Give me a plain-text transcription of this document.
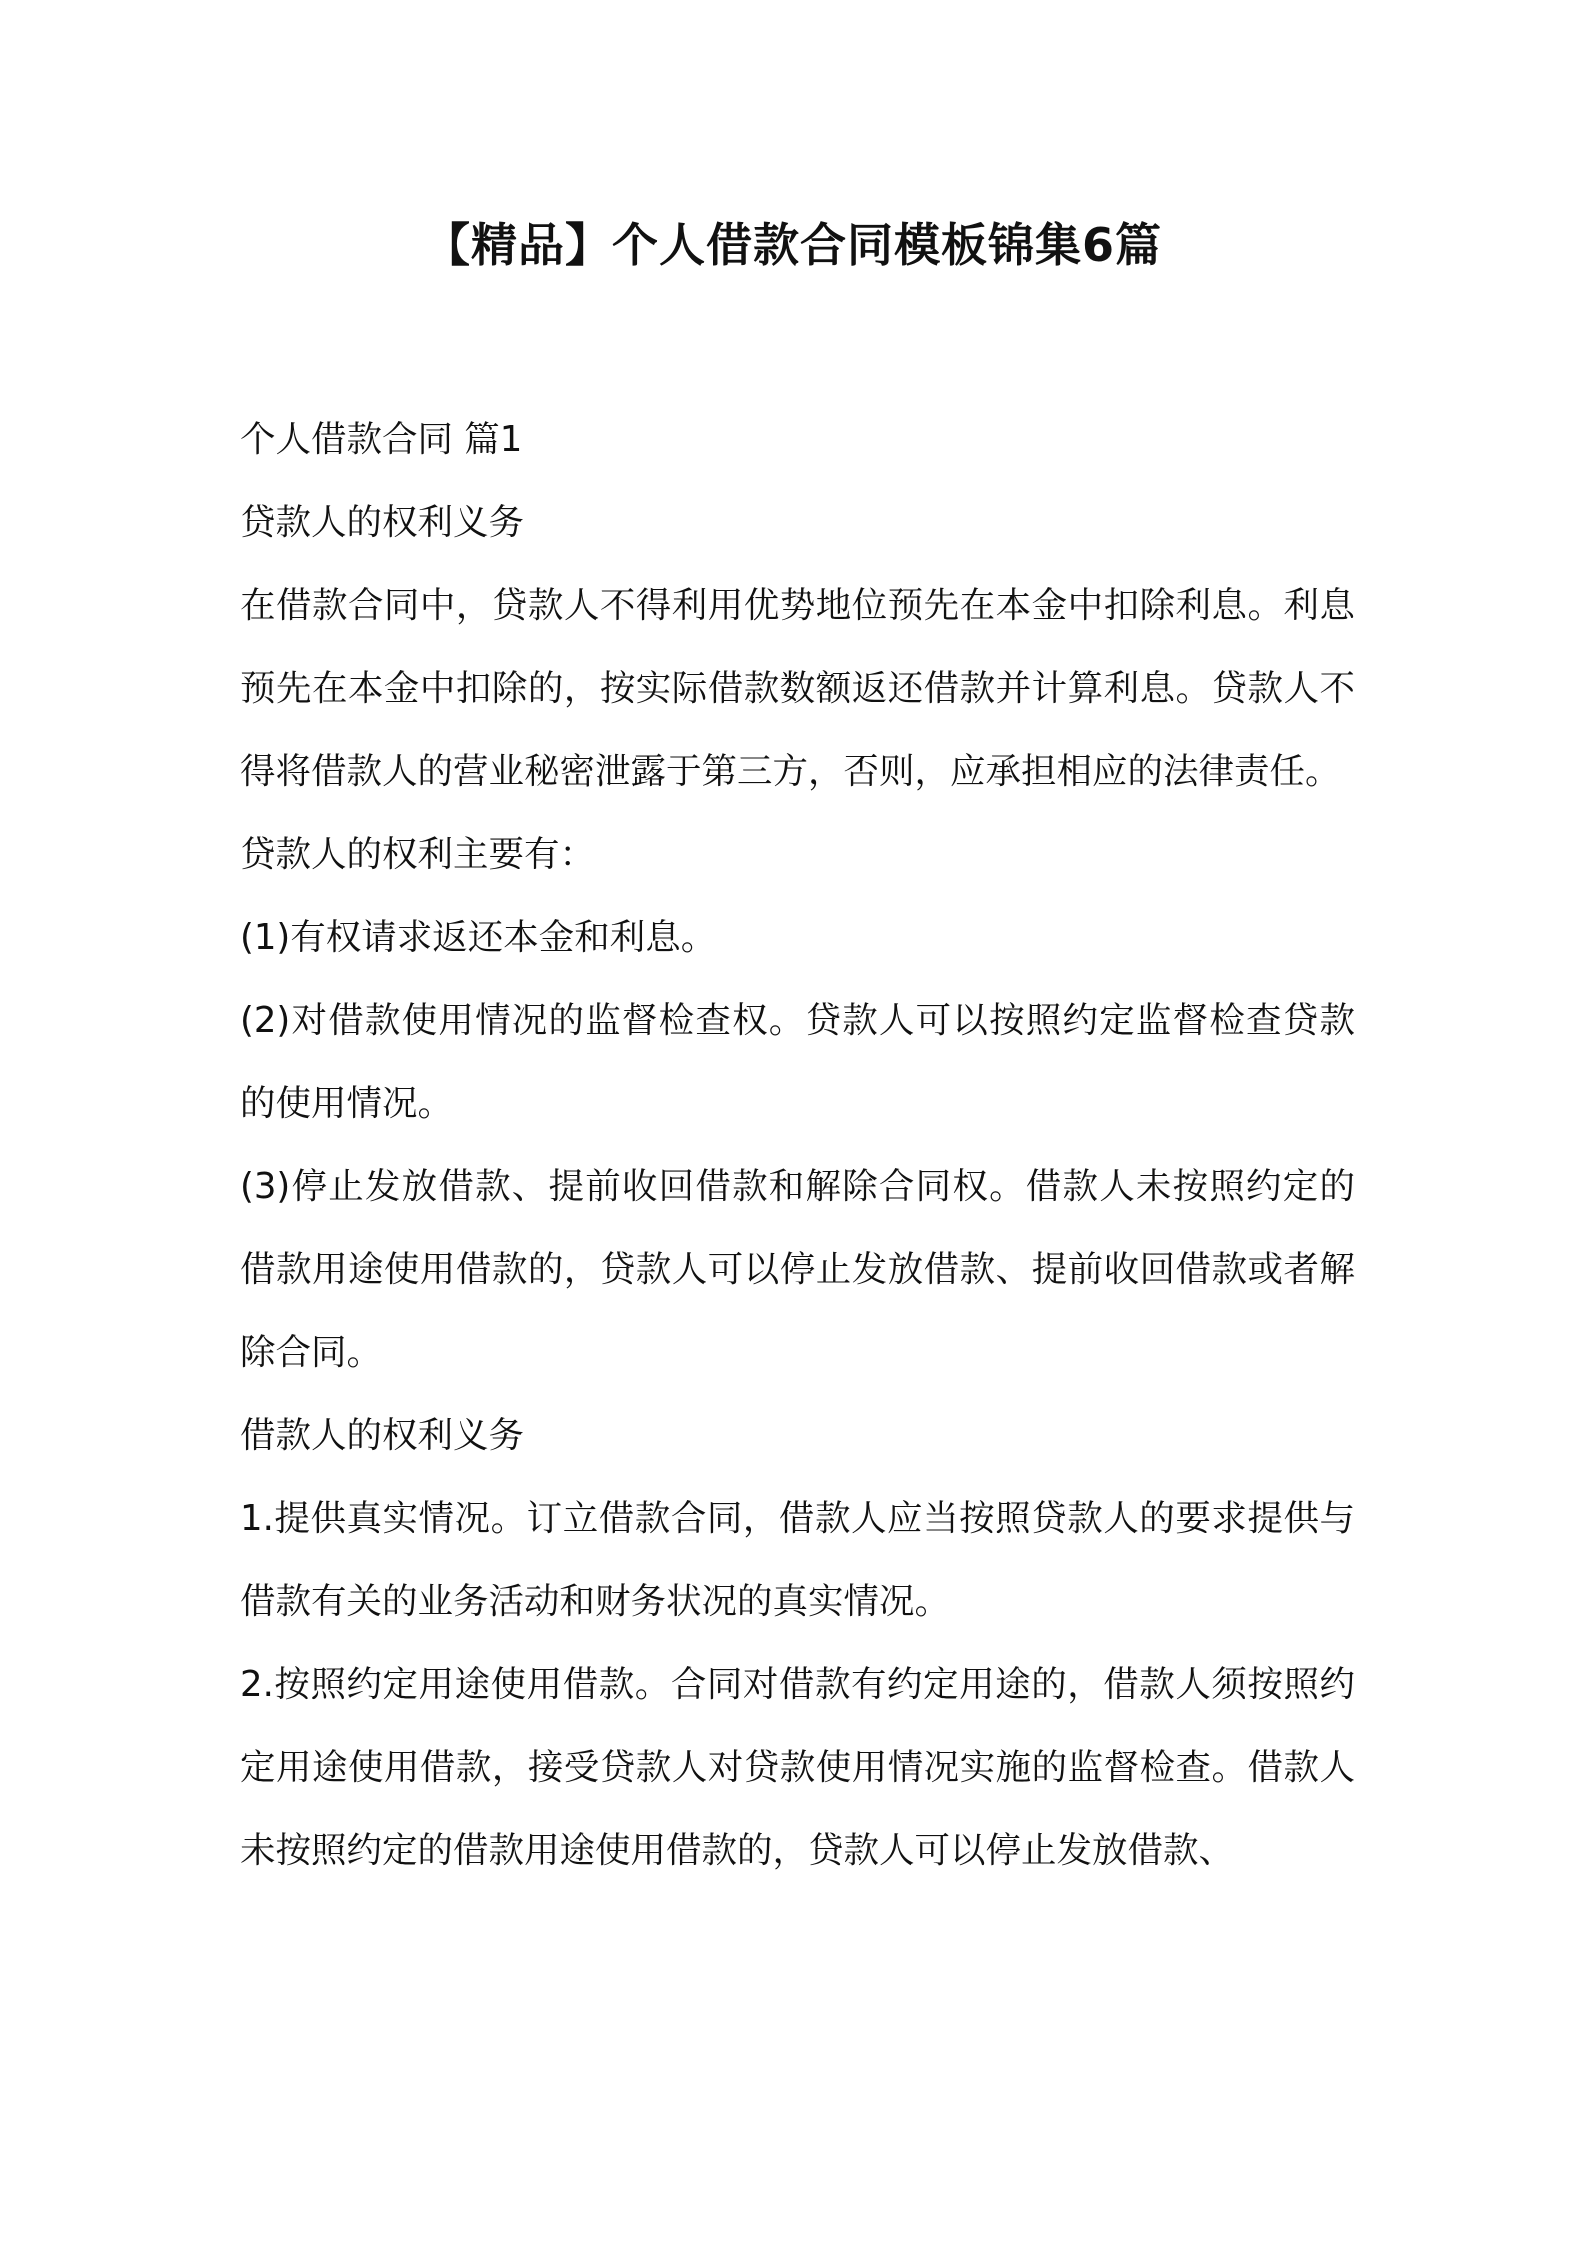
【精品】个人借款合同模板锦集6篇

个人借款合同 篇1

贷款人的权利义务

在借款合同中，贷款人不得利用优势地位预先在本金中扣除利息。利息预先在本金中扣除的，按实际借款数额返还借款并计算利息。贷款人不得将借款人的营业秘密泄露于第三方，否则，应承担相应的法律责任。

贷款人的权利主要有：

(1)有权请求返还本金和利息。

(2)对借款使用情况的监督检查权。贷款人可以按照约定监督检查贷款的使用情况。

(3)停止发放借款、提前收回借款和解除合同权。借款人未按照约定的借款用途使用借款的，贷款人可以停止发放借款、提前收回借款或者解除合同。

借款人的权利义务

1.提供真实情况。订立借款合同，借款人应当按照贷款人的要求提供与借款有关的业务活动和财务状况的真实情况。

2.按照约定用途使用借款。合同对借款有约定用途的，借款人须按照约定用途使用借款，接受贷款人对贷款使用情况实施的监督检查。借款人未按照约定的借款用途使用借款的，贷款人可以停止发放借款、
